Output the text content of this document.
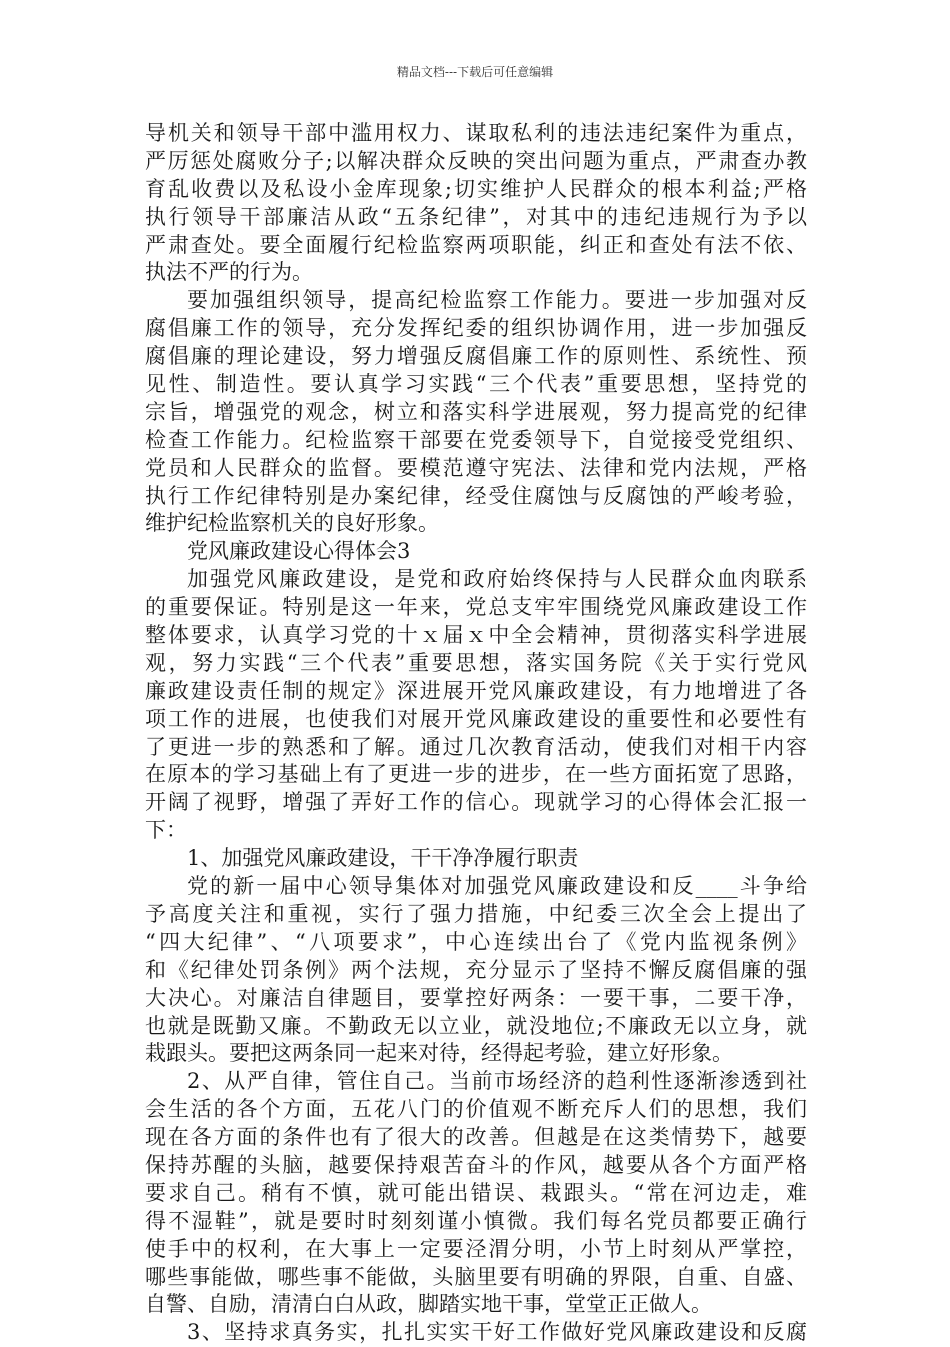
精品文档---下载后可任意编辑
导机关和领导干部中滥用权力、谋取私利的违法违纪案件为重点，
严厉惩处腐败分子;以解决群众反映的突出问题为重点，严肃查办教
育乱收费以及私设小金库现象;切实维护人民群众的根本利益;严格
执行领导干部廉洁从政“五条纪律”，对其中的违纪违规行为予以
严肃查处。要全面履行纪检监察两项职能，纠正和查处有法不依、
执法不严的行为。
要加强组织领导，提高纪检监察工作能力。要进一步加强对反
腐倡廉工作的领导，充分发挥纪委的组织协调作用，进一步加强反
腐倡廉的理论建设，努力增强反腐倡廉工作的原则性、系统性、预
见性、制造性。要认真学习实践“三个代表”重要思想，坚持党的
宗旨，增强党的观念，树立和落实科学进展观，努力提高党的纪律
检查工作能力。纪检监察干部要在党委领导下，自觉接受党组织、
党员和人民群众的监督。要模范遵守宪法、法律和党内法规，严格
执行工作纪律特别是办案纪律，经受住腐蚀与反腐蚀的严峻考验，
维护纪检监察机关的良好形象。
党风廉政建设心得体会3
加强党风廉政建设，是党和政府始终保持与人民群众血肉联系
的重要保证。特别是这一年来，党总支牢牢围绕党风廉政建设工作
整体要求，认真学习党的十ｘ届ｘ中全会精神，贯彻落实科学进展
观，努力实践“三个代表”重要思想，落实国务院《关于实行党风
廉政建设责任制的规定》深进展开党风廉政建设，有力地增进了各
项工作的进展，也使我们对展开党风廉政建设的重要性和必要性有
了更进一步的熟悉和了解。通过几次教育活动，使我们对相干内容
在原本的学习基础上有了更进一步的进步，在一些方面拓宽了思路，
开阔了视野，增强了弄好工作的信心。现就学习的心得体会汇报一
下：
1、加强党风廉政建设，干干净净履行职责
党的新一届中心领导集体对加强党风廉政建设和反____斗争给
予高度关注和重视，实行了强力措施，中纪委三次全会上提出了
“四大纪律”、“八项要求”，中心连续出台了《党内监视条例》
和《纪律处罚条例》两个法规，充分显示了坚持不懈反腐倡廉的强
大决心。对廉洁自律题目，要掌控好两条：一要干事，二要干净，
也就是既勤又廉。不勤政无以立业，就没地位;不廉政无以立身，就
栽跟头。要把这两条同一起来对待，经得起考验，建立好形象。
2、从严自律，管住自己。当前市场经济的趋利性逐渐渗透到社
会生活的各个方面，五花八门的价值观不断充斥人们的思想，我们
现在各方面的条件也有了很大的改善。但越是在这类情势下，越要
保持苏醒的头脑，越要保持艰苦奋斗的作风，越要从各个方面严格
要求自己。稍有不慎，就可能出错误、栽跟头。“常在河边走，难
得不湿鞋”，就是要时时刻刻谨小慎微。我们每名党员都要正确行
使手中的权利，在大事上一定要泾渭分明，小节上时刻从严掌控，
哪些事能做，哪些事不能做，头脑里要有明确的界限，自重、自盛、
自警、自励，清清白白从政，脚踏实地干事，堂堂正正做人。
3、坚持求真务实，扎扎实实干好工作做好党风廉政建设和反腐
